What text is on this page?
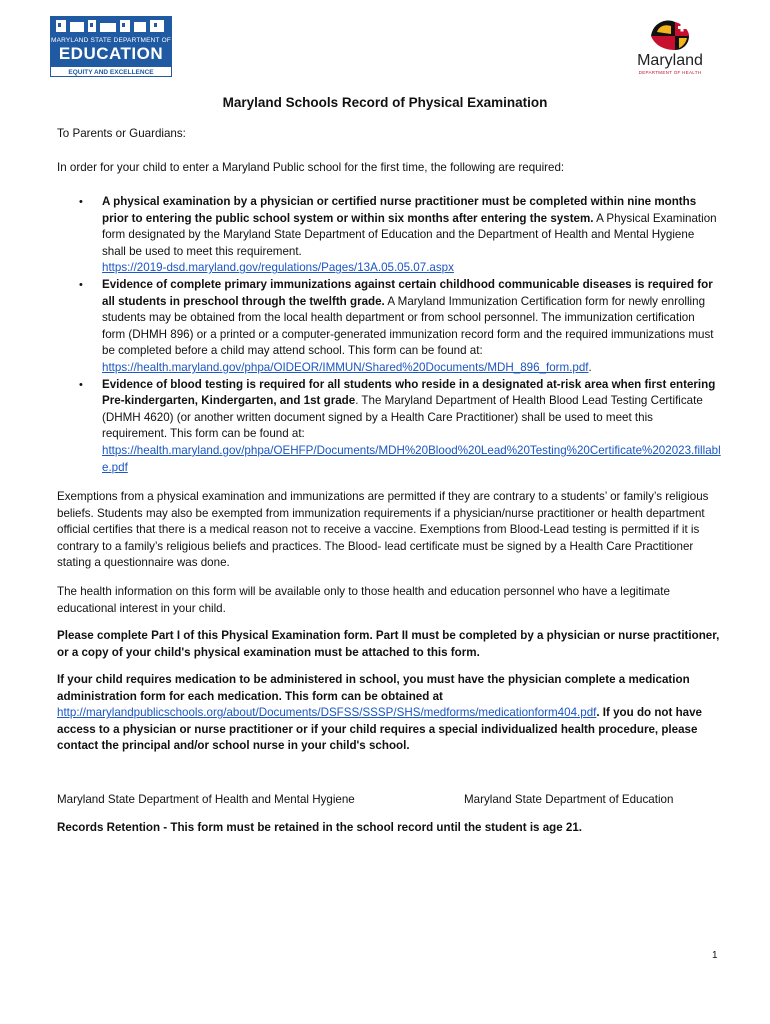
MARYLAND STATE DEPARTMENT OF
EDUCATION
EQUITY AND EXCELLENCE
Maryland
DEPARTMENT OF HEALTH
Maryland Schools Record of Physical Examination
To Parents or Guardians:
In order for your child to enter a Maryland Public school for the first time, the following are required:
• A physical examination by a physician or certified nurse practitioner must be completed within nine months prior to entering the public school system or within six months after entering the system. A Physical Examination form designated by the Maryland State Department of Education and the Department of Health and Mental Hygiene shall be used to meet this requirement.
https://2019-dsd.maryland.gov/regulations/Pages/13A.05.05.07.aspx
• Evidence of complete primary immunizations against certain childhood communicable diseases is required for all students in preschool through the twelfth grade. A Maryland Immunization Certification form for newly enrolling students may be obtained from the local health department or from school personnel. The immunization certification form (DHMH 896) or a printed or a computer-generated immunization record form and the required immunizations must be completed before a child may attend school. This form can be found at:
https://health.maryland.gov/phpa/OIDEOR/IMMUN/Shared%20Documents/MDH_896_form.pdf.
• Evidence of blood testing is required for all students who reside in a designated at-risk area when first entering Pre-kindergarten, Kindergarten, and 1st grade. The Maryland Department of Health Blood Lead Testing Certificate (DHMH 4620) (or another written document signed by a Health Care Practitioner) shall be used to meet this requirement. This form can be found at:
https://health.maryland.gov/phpa/OEHFP/Documents/MDH%20Blood%20Lead%20Testing%20Certificate%202023.fillable.pdf
Exemptions from a physical examination and immunizations are permitted if they are contrary to a students’ or family’s religious beliefs. Students may also be exempted from immunization requirements if a physician/nurse practitioner or health department official certifies that there is a medical reason not to receive a vaccine. Exemptions from Blood-Lead testing is permitted if it is contrary to a family’s religious beliefs and practices. The Blood- lead certificate must be signed by a Health Care Practitioner stating a questionnaire was done.
The health information on this form will be available only to those health and education personnel who have a legitimate educational interest in your child.
Please complete Part I of this Physical Examination form. Part II must be completed by a physician or nurse practitioner, or a copy of your child's physical examination must be attached to this form.
If your child requires medication to be administered in school, you must have the physician complete a medication administration form for each medication. This form can be obtained at http://marylandpublicschools.org/about/Documents/DSFSS/SSSP/SHS/medforms/medicationform404.pdf. If you do not have access to a physician or nurse practitioner or if your child requires a special individualized health procedure, please contact the principal and/or school nurse in your child's school.
Maryland State Department of Health and Mental Hygiene	Maryland State Department of Education
Records Retention - This form must be retained in the school record until the student is age 21.
1
